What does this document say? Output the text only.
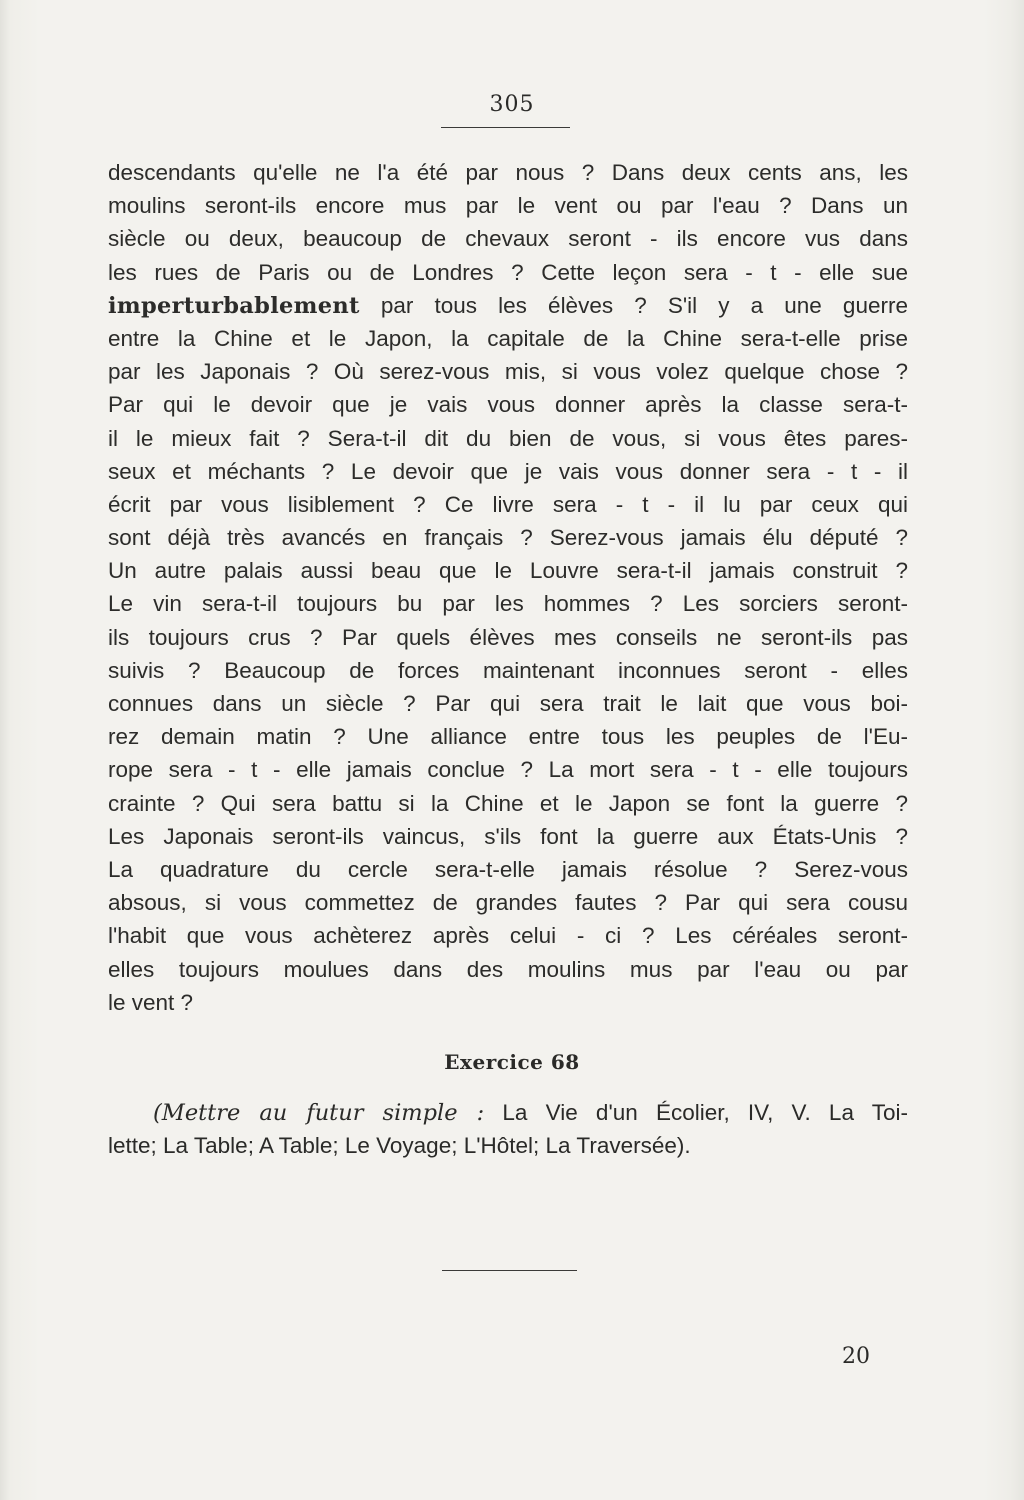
305
descendants qu'elle ne l'a été par nous ? Dans deux cents ans, les
moulins seront-ils encore mus par le vent ou par l'eau ? Dans un
siècle ou deux, beaucoup de chevaux seront - ils encore vus dans
les rues de Paris ou de Londres ? Cette leçon sera - t - elle sue
imperturbablement par tous les élèves ? S'il y a une guerre
entre la Chine et le Japon, la capitale de la Chine sera-t-elle prise
par les Japonais ? Où serez-vous mis, si vous volez quelque chose ?
Par qui le devoir que je vais vous donner après la classe sera-t-
il le mieux fait ? Sera-t-il dit du bien de vous, si vous êtes pares-
seux et méchants ? Le devoir que je vais vous donner sera - t - il
écrit par vous lisiblement ? Ce livre sera - t - il lu par ceux qui
sont déjà très avancés en français ? Serez-vous jamais élu député ?
Un autre palais aussi beau que le Louvre sera-t-il jamais construit ?
Le vin sera-t-il toujours bu par les hommes ? Les sorciers seront-
ils toujours crus ? Par quels élèves mes conseils ne seront-ils pas
suivis ? Beaucoup de forces maintenant inconnues seront - elles
connues dans un siècle ? Par qui sera trait le lait que vous boi-
rez demain matin ? Une alliance entre tous les peuples de l'Eu-
rope sera - t - elle jamais conclue ? La mort sera - t - elle toujours
crainte ? Qui sera battu si la Chine et le Japon se font la guerre ?
Les Japonais seront-ils vaincus, s'ils font la guerre aux États-Unis ?
La quadrature du cercle sera-t-elle jamais résolue ? Serez-vous
absous, si vous commettez de grandes fautes ? Par qui sera cousu
l'habit que vous achèterez après celui - ci ? Les céréales seront-
elles toujours moulues dans des moulins mus par l'eau ou par
le vent ?
Exercice 68
(Mettre au futur simple : La Vie d'un Écolier, IV, V. La Toi-
lette; La Table; A Table; Le Voyage; L'Hôtel; La Traversée).
20
